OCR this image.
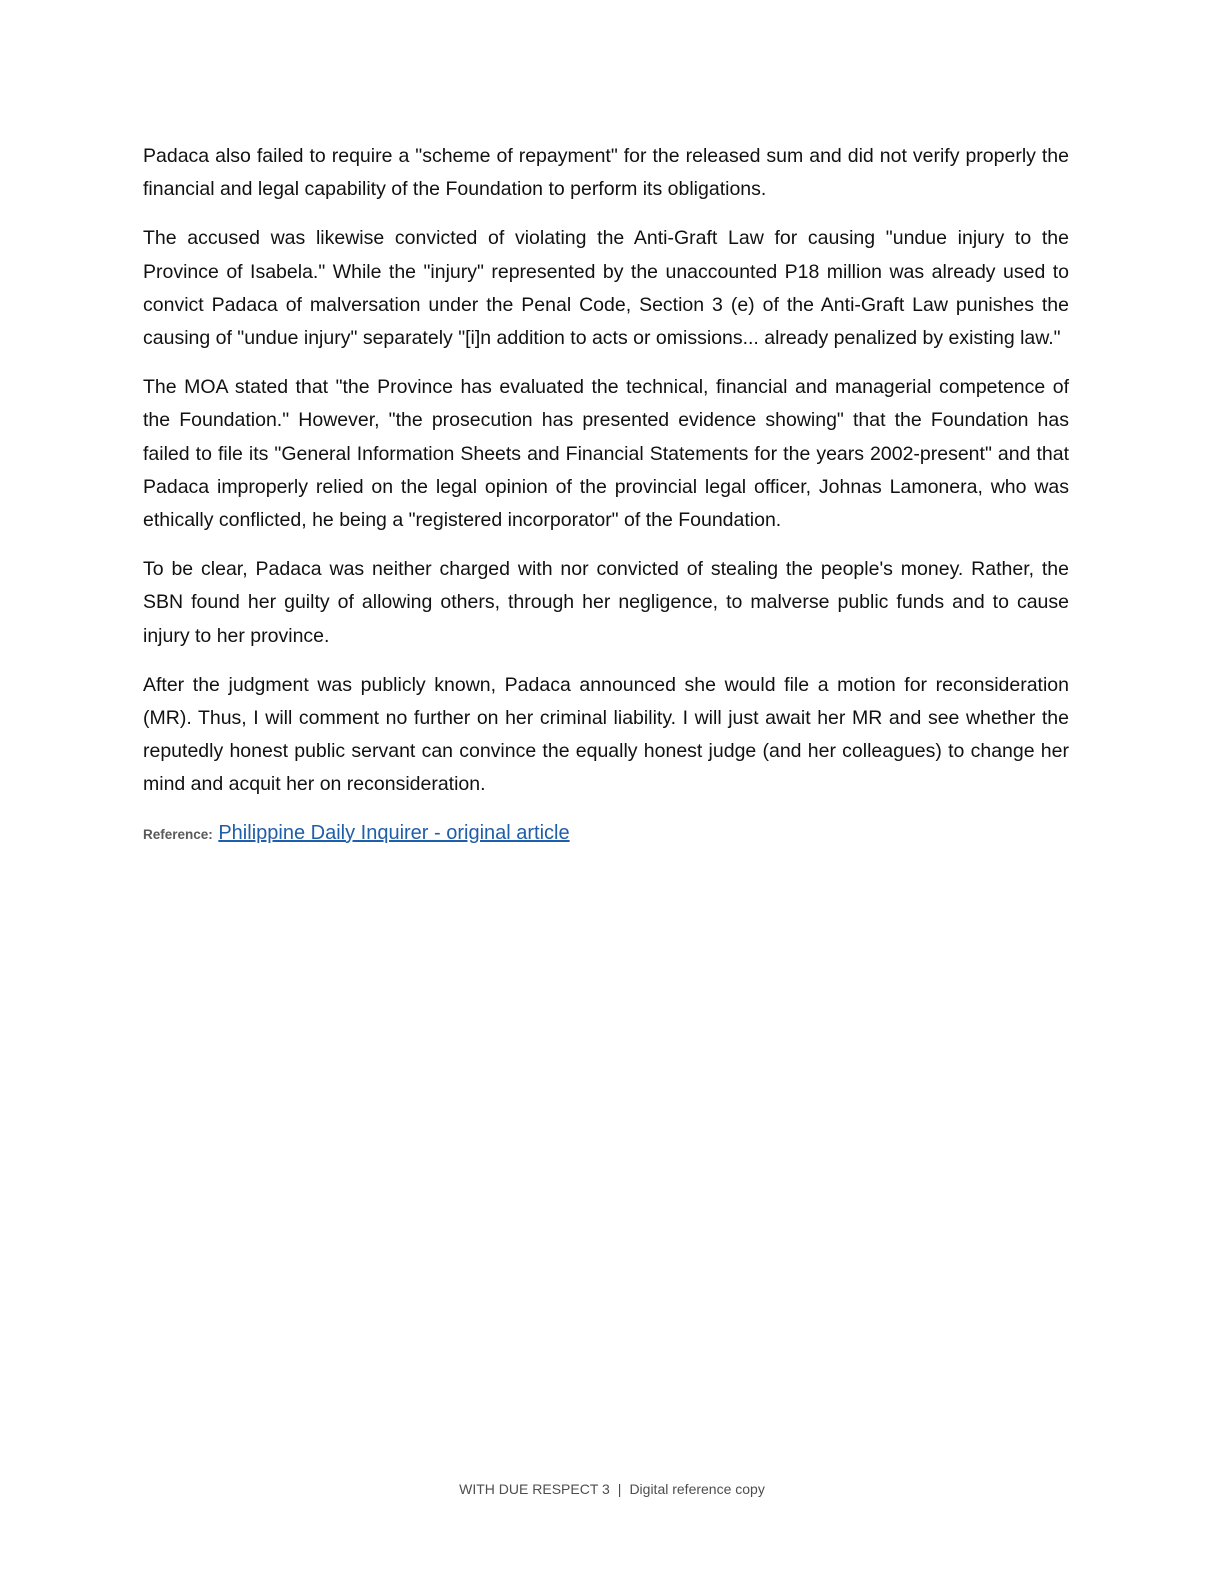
Padaca also failed to require a "scheme of repayment" for the released sum and did not verify properly the financial and legal capability of the Foundation to perform its obligations.

The accused was likewise convicted of violating the Anti-Graft Law for causing "undue injury to the Province of Isabela." While the "injury" represented by the unaccounted P18 million was already used to convict Padaca of malversation under the Penal Code, Section 3 (e) of the Anti-Graft Law punishes the causing of "undue injury" separately "[i]n addition to acts or omissions... already penalized by existing law."

The MOA stated that "the Province has evaluated the technical, financial and managerial competence of the Foundation." However, "the prosecution has presented evidence showing" that the Foundation has failed to file its "General Information Sheets and Financial Statements for the years 2002-present" and that Padaca improperly relied on the legal opinion of the provincial legal officer, Johnas Lamonera, who was ethically conflicted, he being a "registered incorporator" of the Foundation.

To be clear, Padaca was neither charged with nor convicted of stealing the people's money. Rather, the SBN found her guilty of allowing others, through her negligence, to malverse public funds and to cause injury to her province.

After the judgment was publicly known, Padaca announced she would file a motion for reconsideration (MR). Thus, I will comment no further on her criminal liability. I will just await her MR and see whether the reputedly honest public servant can convince the equally honest judge (and her colleagues) to change her mind and acquit her on reconsideration.

Reference: Philippine Daily Inquirer - original article
WITH DUE RESPECT 3 | Digital reference copy
